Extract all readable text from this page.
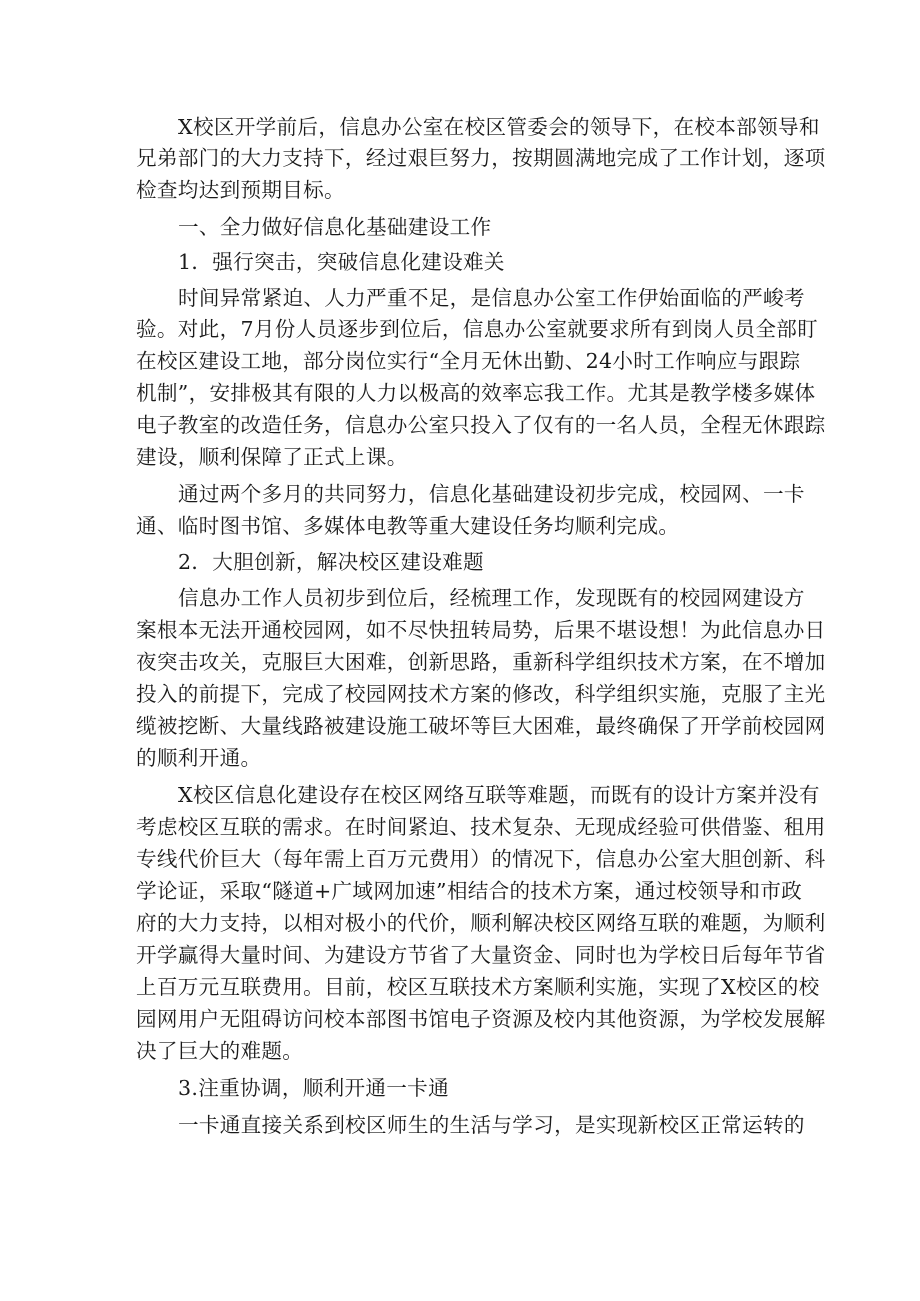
X校区开学前后，信息办公室在校区管委会的领导下，在校本部领导和

兄弟部门的大力支持下，经过艰巨努力，按期圆满地完成了工作计划，逐项

检查均达到预期目标。

一、全力做好信息化基础建设工作

1．强行突击，突破信息化建设难关

时间异常紧迫、人力严重不足，是信息办公室工作伊始面临的严峻考

验。对此，7月份人员逐步到位后，信息办公室就要求所有到岗人员全部盯

在校区建设工地，部分岗位实行“全月无休出勤、24小时工作响应与跟踪

机制”，安排极其有限的人力以极高的效率忘我工作。尤其是教学楼多媒体

电子教室的改造任务，信息办公室只投入了仅有的一名人员，全程无休跟踪

建设，顺利保障了正式上课。

通过两个多月的共同努力，信息化基础建设初步完成，校园网、一卡

通、临时图书馆、多媒体电教等重大建设任务均顺利完成。

2．大胆创新，解决校区建设难题

信息办工作人员初步到位后，经梳理工作，发现既有的校园网建设方

案根本无法开通校园网，如不尽快扭转局势，后果不堪设想！为此信息办日

夜突击攻关，克服巨大困难，创新思路，重新科学组织技术方案，在不增加

投入的前提下，完成了校园网技术方案的修改，科学组织实施，克服了主光

缆被挖断、大量线路被建设施工破坏等巨大困难，最终确保了开学前校园网

的顺利开通。

X校区信息化建设存在校区网络互联等难题，而既有的设计方案并没有

考虑校区互联的需求。在时间紧迫、技术复杂、无现成经验可供借鉴、租用

专线代价巨大（每年需上百万元费用）的情况下，信息办公室大胆创新、科

学论证，采取“隧道+广域网加速”相结合的技术方案，通过校领导和市政

府的大力支持，以相对极小的代价，顺利解决校区网络互联的难题，为顺利

开学赢得大量时间、为建设方节省了大量资金、同时也为学校日后每年节省

上百万元互联费用。目前，校区互联技术方案顺利实施，实现了X校区的校

园网用户无阻碍访问校本部图书馆电子资源及校内其他资源，为学校发展解

决了巨大的难题。

3.注重协调，顺利开通一卡通

一卡通直接关系到校区师生的生活与学习，是实现新校区正常运转的
